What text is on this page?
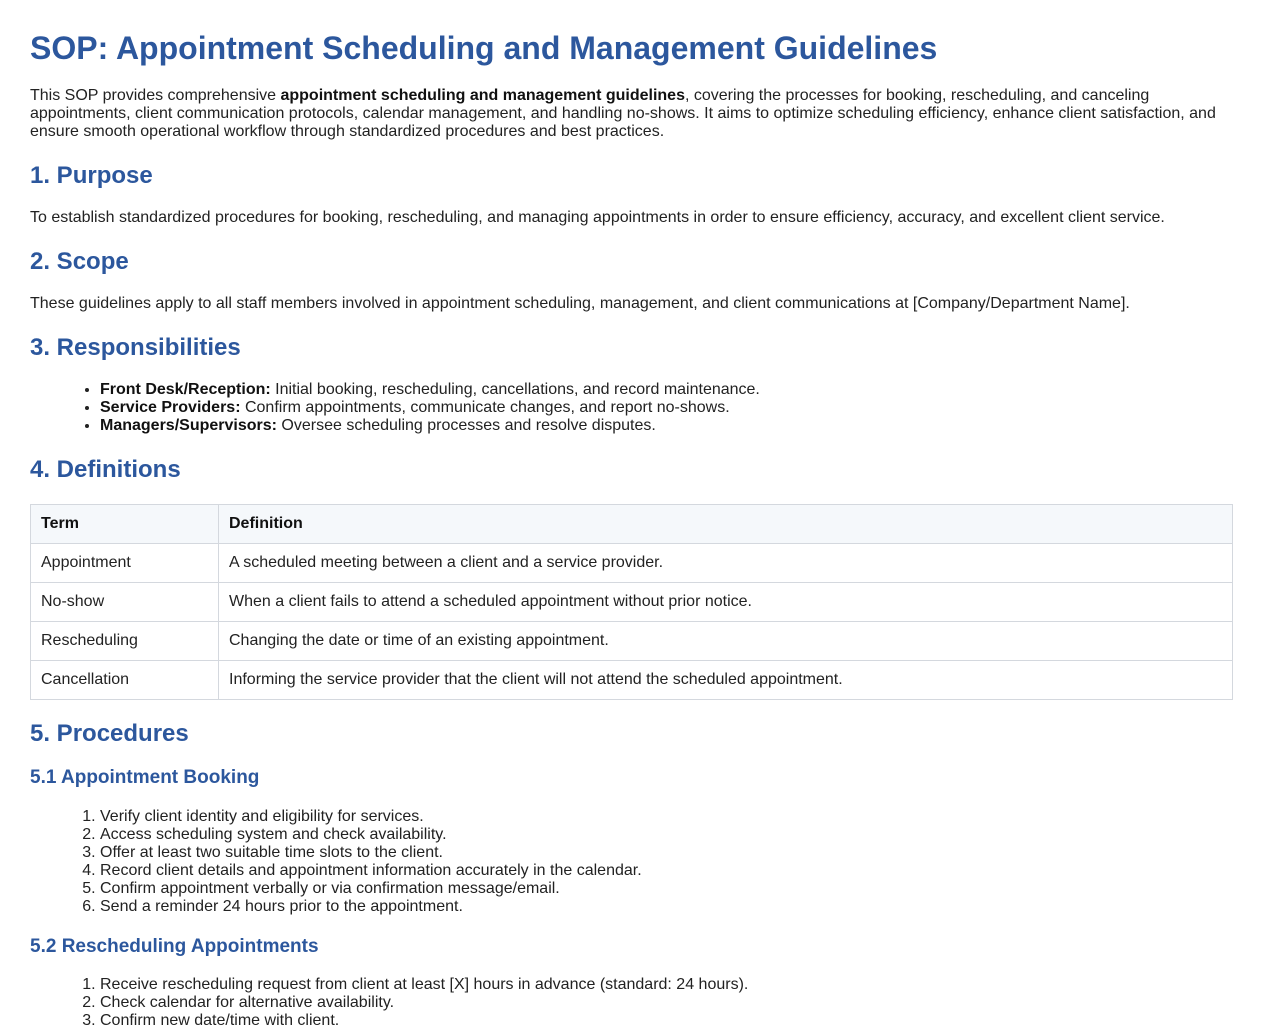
SOP: Appointment Scheduling and Management Guidelines

This SOP provides comprehensive appointment scheduling and management guidelines, covering the processes for booking, rescheduling, and canceling appointments, client communication protocols, calendar management, and handling no-shows. It aims to optimize scheduling efficiency, enhance client satisfaction, and ensure smooth operational workflow through standardized procedures and best practices.

1. Purpose

To establish standardized procedures for booking, rescheduling, and managing appointments in order to ensure efficiency, accuracy, and excellent client service.

2. Scope

These guidelines apply to all staff members involved in appointment scheduling, management, and client communications at [Company/Department Name].

3. Responsibilities
• Front Desk/Reception: Initial booking, rescheduling, cancellations, and record maintenance.
• Service Providers: Confirm appointments, communicate changes, and report no-shows.
• Managers/Supervisors: Oversee scheduling processes and resolve disputes.
4. Definitions
Term	Definition
Appointment	A scheduled meeting between a client and a service provider.
No-show	When a client fails to attend a scheduled appointment without prior notice.
Rescheduling	Changing the date or time of an existing appointment.
Cancellation	Informing the service provider that the client will not attend the scheduled appointment.
5. Procedures
5.1 Appointment Booking
1. Verify client identity and eligibility for services.
2. Access scheduling system and check availability.
3. Offer at least two suitable time slots to the client.
4. Record client details and appointment information accurately in the calendar.
5. Confirm appointment verbally or via confirmation message/email.
6. Send a reminder 24 hours prior to the appointment.
5.2 Rescheduling Appointments
1. Receive rescheduling request from client at least [X] hours in advance (standard: 24 hours).
2. Check calendar for alternative availability.
3. Confirm new date/time with client.
